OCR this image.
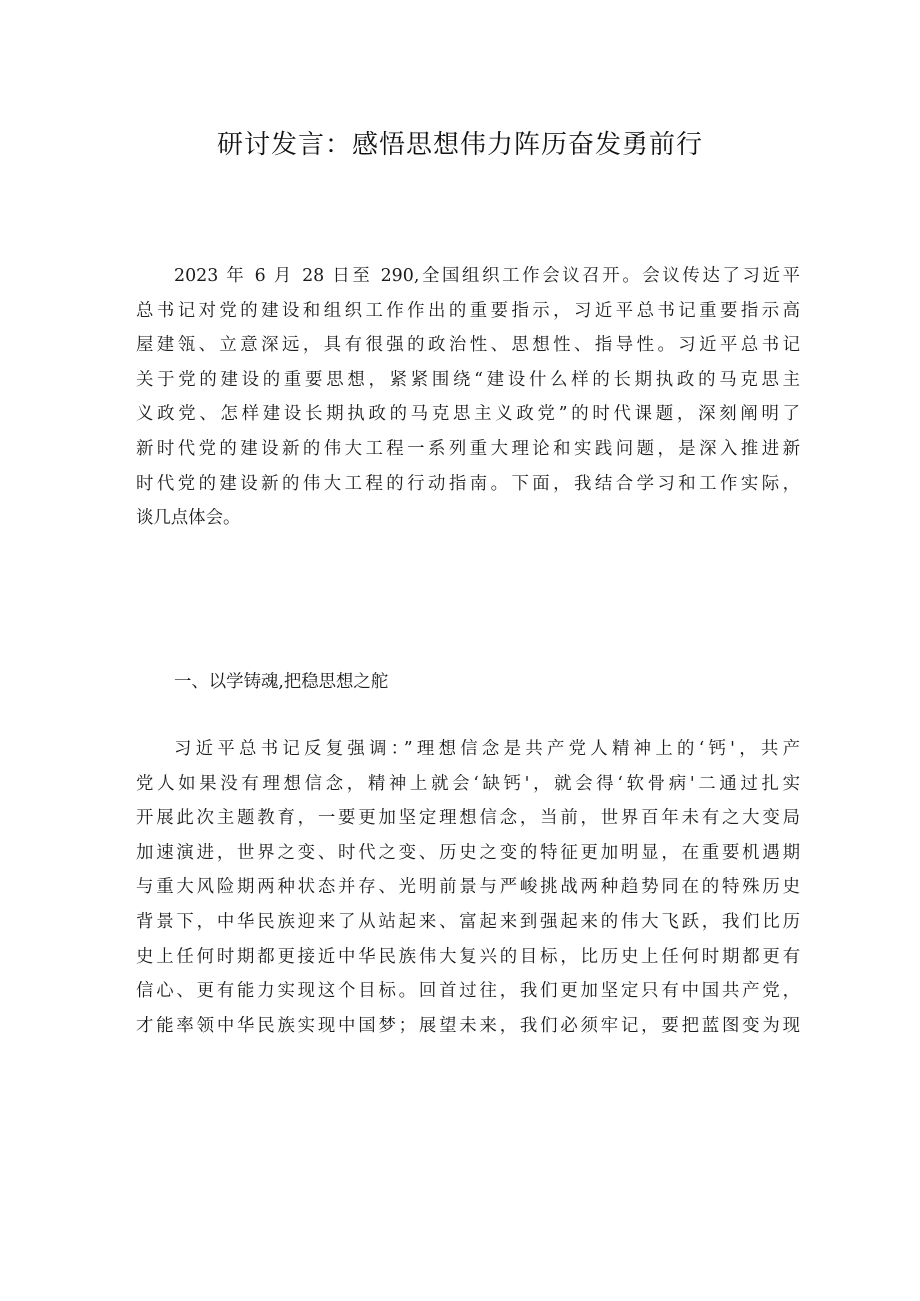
研讨发言：感悟思想伟力阵历奋发勇前行
2023 年 6 月 28 日至 290,全国组织工作会议召开。会议传达了习近平
总书记对党的建设和组织工作作出的重要指示，习近平总书记重要指示高
屋建瓴、立意深远，具有很强的政治性、思想性、指导性。习近平总书记
关于党的建设的重要思想，紧紧围绕“建设什么样的长期执政的马克思主
义政党、怎样建设长期执政的马克思主义政党”的时代课题，深刻阐明了
新时代党的建设新的伟大工程一系列重大理论和实践问题，是深入推进新
时代党的建设新的伟大工程的行动指南。下面，我结合学习和工作实际，
谈几点体会。
一、以学铸魂,把稳思想之舵
习近平总书记反复强调：”理想信念是共产党人精神上的‘钙'，共产
党人如果没有理想信念，精神上就会‘缺钙'，就会得‘软骨病'二通过扎实
开展此次主题教育，一要更加坚定理想信念，当前，世界百年未有之大变局
加速演进，世界之变、时代之变、历史之变的特征更加明显，在重要机遇期
与重大风险期两种状态并存、光明前景与严峻挑战两种趋势同在的特殊历史
背景下，中华民族迎来了从站起来、富起来到强起来的伟大飞跃，我们比历
史上任何时期都更接近中华民族伟大复兴的目标，比历史上任何时期都更有
信心、更有能力实现这个目标。回首过往，我们更加坚定只有中国共产党，
才能率领中华民族实现中国梦；展望未来，我们必须牢记，要把蓝图变为现
